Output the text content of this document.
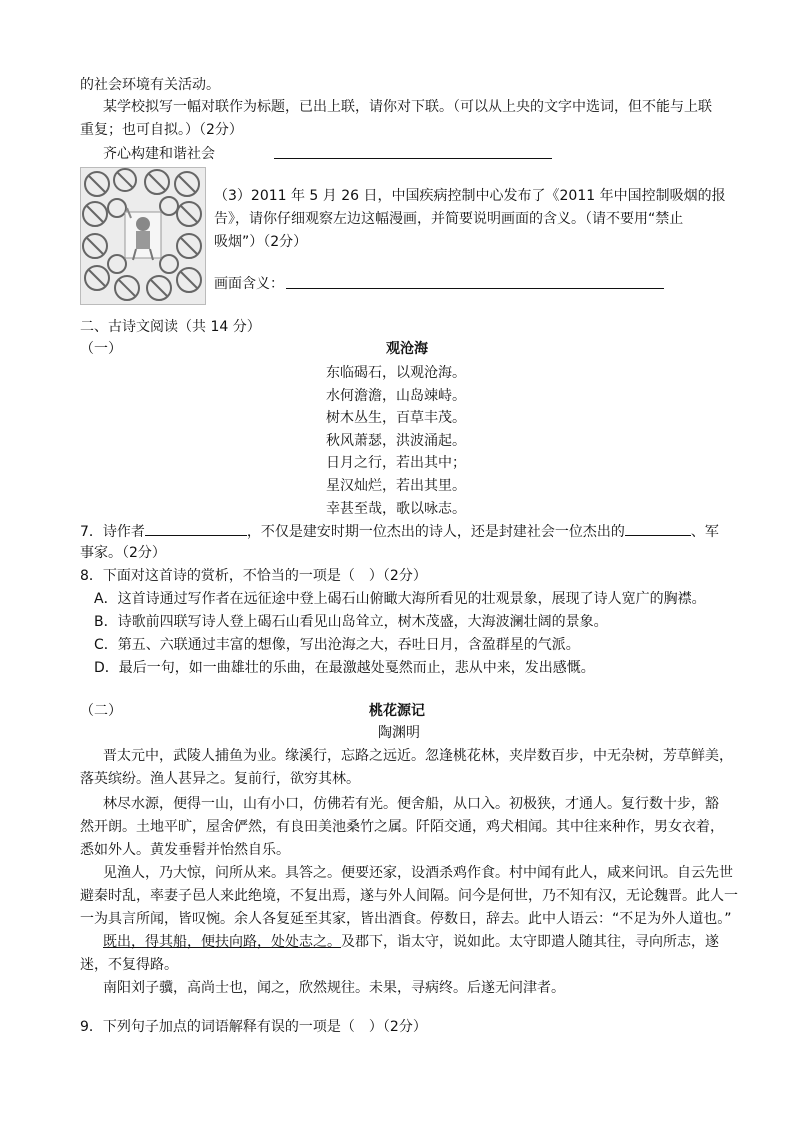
的社会环境有关活动。
某学校拟写一幅对联作为标题，已出上联，请你对下联。（可以从上央的文字中选词，但不能与上联
重复；也可自拟。）（2分）
齐心构建和谐社会
（3）2011 年 5 月 26 日，中国疾病控制中心发布了《2011 年中国控制吸烟的报
告》，请你仔细观察左边这幅漫画，并简要说明画面的含义。（请不要用“禁止
吸烟”）（2分）
画面含义：
二、古诗文阅读（共 14 分）
（一）	观沧海
东临碣石，以观沧海。
水何澹澹，山岛竦峙。
树木丛生，百草丰茂。
秋风萧瑟，洪波涌起。
日月之行，若出其中；
星汉灿烂，若出其里。
幸甚至哉，歌以咏志。
7．诗作者	，不仅是建安时期一位杰出的诗人，还是封建社会一位杰出的	、军
事家。（2分）
8．下面对这首诗的赏析，不恰当的一项是（　）（2分）
A．这首诗通过写作者在远征途中登上碣石山俯瞰大海所看见的壮观景象，展现了诗人宽广的胸襟。
B．诗歌前四联写诗人登上碣石山看见山岛耸立，树木茂盛，大海波澜壮阔的景象。
C．第五、六联通过丰富的想像，写出沧海之大，吞吐日月，含盈群星的气派。
D．最后一句，如一曲雄壮的乐曲，在最激越处戛然而止，悲从中来，发出感慨。
（二）	桃花源记
陶渊明
晋太元中，武陵人捕鱼为业。缘溪行，忘路之远近。忽逢桃花林，夹岸数百步，中无杂树，芳草鲜美，
落英缤纷。渔人甚异之。复前行，欲穷其林。
林尽水源，便得一山，山有小口，仿佛若有光。便舍船，从口入。初极狭，才通人。复行数十步，豁
然开朗。土地平旷，屋舍俨然，有良田美池桑竹之属。阡陌交通，鸡犬相闻。其中往来种作，男女衣着，
悉如外人。黄发垂髫并怡然自乐。
见渔人，乃大惊，问所从来。具答之。便要还家，设酒杀鸡作食。村中闻有此人，咸来问讯。自云先世
避秦时乱，率妻子邑人来此绝境，不复出焉，遂与外人间隔。问今是何世，乃不知有汉，无论魏晋。此人一
一为具言所闻，皆叹惋。余人各复延至其家，皆出酒食。停数日，辞去。此中人语云：“不足为外人道也。”
既出，得其船，便扶向路，处处志之。及郡下，诣太守，说如此。太守即遣人随其往，寻向所志，遂
迷，不复得路。
南阳刘子骥，高尚士也，闻之，欣然规往。未果，寻病终。后遂无问津者。
9．下列句子加点的词语解释有误的一项是（　）（2分）
